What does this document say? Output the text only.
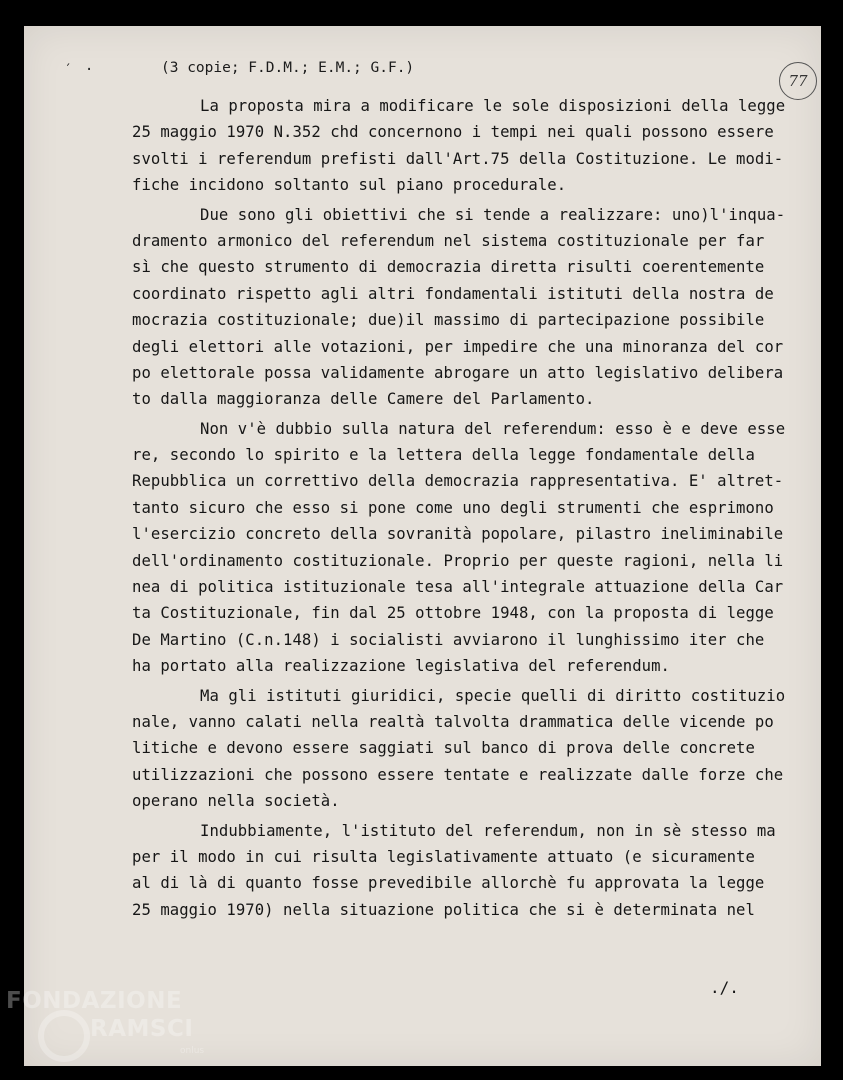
′ ·	(3 copie; F.D.M.; E.M.; G.F.)
77
La proposta mira a modificare le sole disposizioni della legge
25 maggio 1970 N.352 chd concernono i tempi nei quali possono essere
svolti i referendum prefisti dall'Art.75 della Costituzione. Le modi-
fiche incidono soltanto sul piano procedurale.
Due sono gli obiettivi che si tende a realizzare: uno)l'inqua-
dramento armonico del referendum nel sistema costituzionale per far
sì che questo strumento di democrazia diretta risulti coerentemente
coordinato rispetto agli altri fondamentali istituti della nostra de
mocrazia costituzionale; due)il massimo di partecipazione possibile
degli elettori alle votazioni, per impedire che una minoranza del cor
po elettorale possa validamente abrogare un atto legislativo delibera
to dalla maggioranza delle Camere del Parlamento.
Non v'è dubbio sulla natura del referendum: esso è e deve esse
re, secondo lo spirito e la lettera della legge fondamentale della
Repubblica un correttivo della democrazia rappresentativa. E' altret-
tanto sicuro che esso si pone come uno degli strumenti che esprimono
l'esercizio concreto della sovranità popolare, pilastro ineliminabile
dell'ordinamento costituzionale. Proprio per queste ragioni, nella li
nea di politica istituzionale tesa all'integrale attuazione della Car
ta Costituzionale, fin dal 25 ottobre 1948, con la proposta di legge
De Martino (C.n.148) i socialisti avviarono il lunghissimo iter che
ha portato alla realizzazione legislativa del referendum.
Ma gli istituti giuridici, specie quelli di diritto costituzio
nale, vanno calati nella realtà talvolta drammatica delle vicende po
litiche e devono essere saggiati sul banco di prova delle concrete
utilizzazioni che possono essere tentate e realizzate dalle forze che
operano nella società.
Indubbiamente, l'istituto del referendum, non in sè stesso ma
per il modo in cui risulta legislativamente attuato (e sicuramente
al di là di quanto fosse prevedibile allorchè fu approvata la legge
25 maggio 1970) nella situazione politica che si è determinata nel
./.
FONDAZIONE
RAMSCI
onlus
